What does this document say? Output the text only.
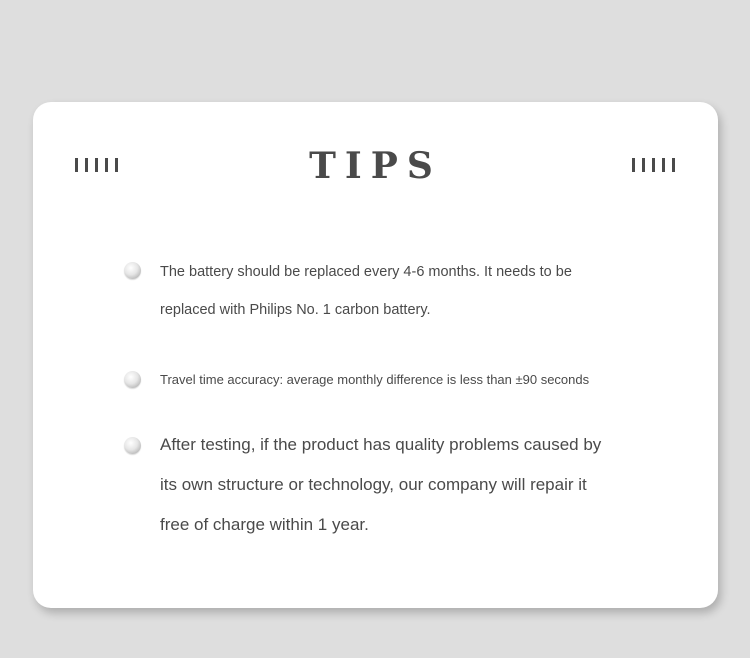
TIPS

The battery should be replaced every 4-6 months. It needs to be replaced with Philips No. 1 carbon battery.

Travel time accuracy: average monthly difference is less than ±90 seconds

After testing, if the product has quality problems caused by its own structure or technology, our company will repair it free of charge within 1 year.
